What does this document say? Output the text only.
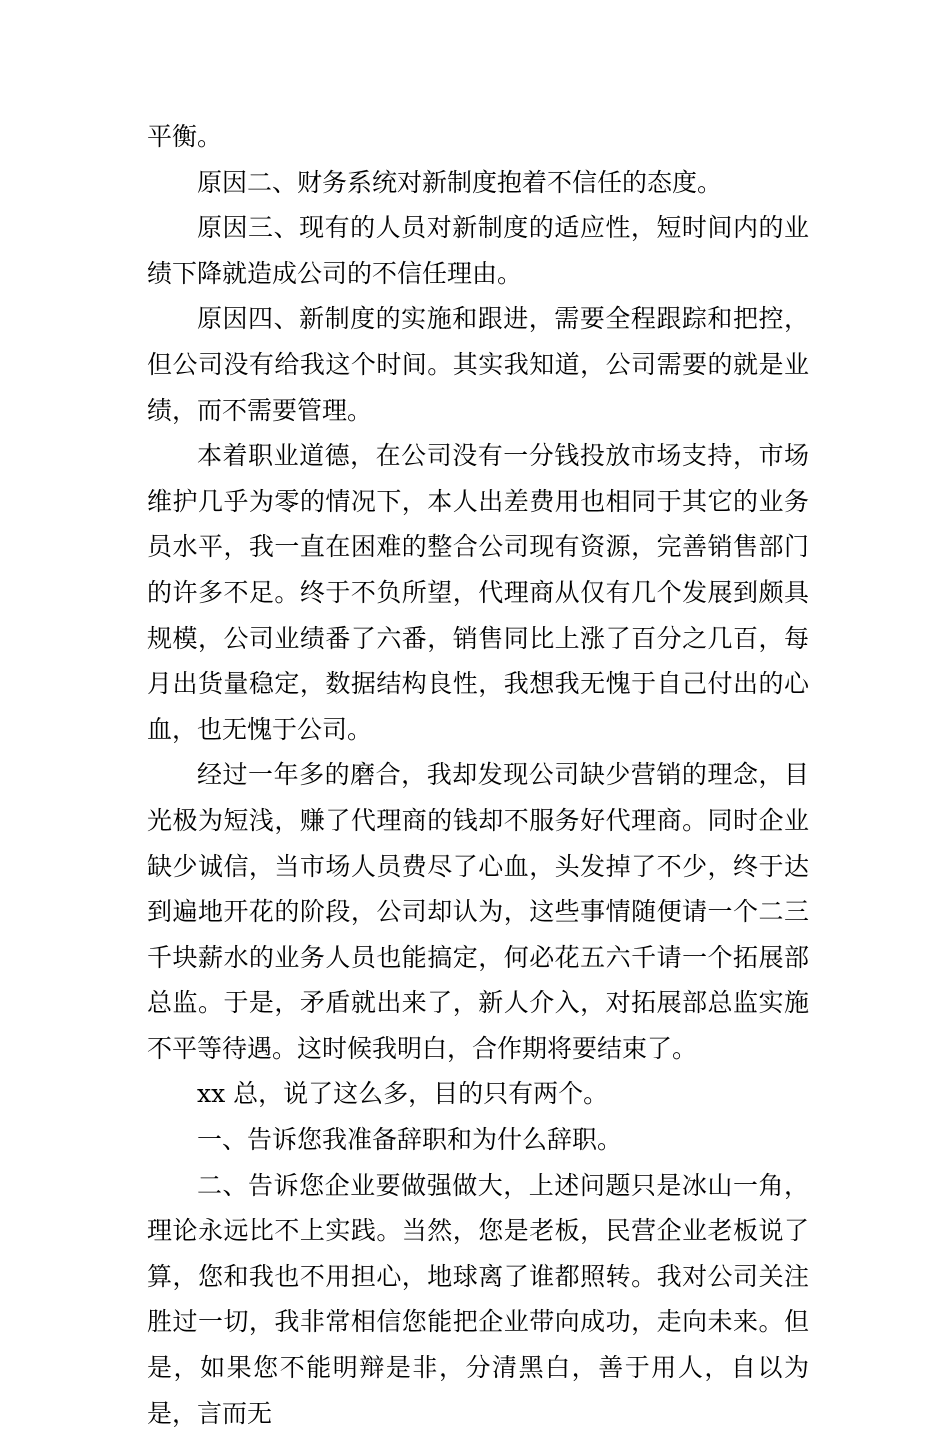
平衡。

原因二、财务系统对新制度抱着不信任的态度。

原因三、现有的人员对新制度的适应性，短时间内的业绩下降就造成公司的不信任理由。

原因四、新制度的实施和跟进，需要全程跟踪和把控，但公司没有给我这个时间。其实我知道，公司需要的就是业绩，而不需要管理。

本着职业道德，在公司没有一分钱投放市场支持，市场维护几乎为零的情况下，本人出差费用也相同于其它的业务员水平，我一直在困难的整合公司现有资源，完善销售部门的许多不足。终于不负所望，代理商从仅有几个发展到颇具规模，公司业绩番了六番，销售同比上涨了百分之几百，每月出货量稳定，数据结构良性，我想我无愧于自己付出的心血，也无愧于公司。

经过一年多的磨合，我却发现公司缺少营销的理念，目光极为短浅，赚了代理商的钱却不服务好代理商。同时企业缺少诚信，当市场人员费尽了心血，头发掉了不少，终于达到遍地开花的阶段，公司却认为，这些事情随便请一个二三千块薪水的业务人员也能搞定，何必花五六千请一个拓展部总监。于是，矛盾就出来了，新人介入，对拓展部总监实施不平等待遇。这时候我明白，合作期将要结束了。

xx 总，说了这么多，目的只有两个。

一、告诉您我准备辞职和为什么辞职。

二、告诉您企业要做强做大，上述问题只是冰山一角，理论永远比不上实践。当然，您是老板，民营企业老板说了算，您和我也不用担心，地球离了谁都照转。我对公司关注胜过一切，我非常相信您能把企业带向成功，走向未来。但是，如果您不能明辩是非，分清黑白，善于用人，自以为是，言而无
